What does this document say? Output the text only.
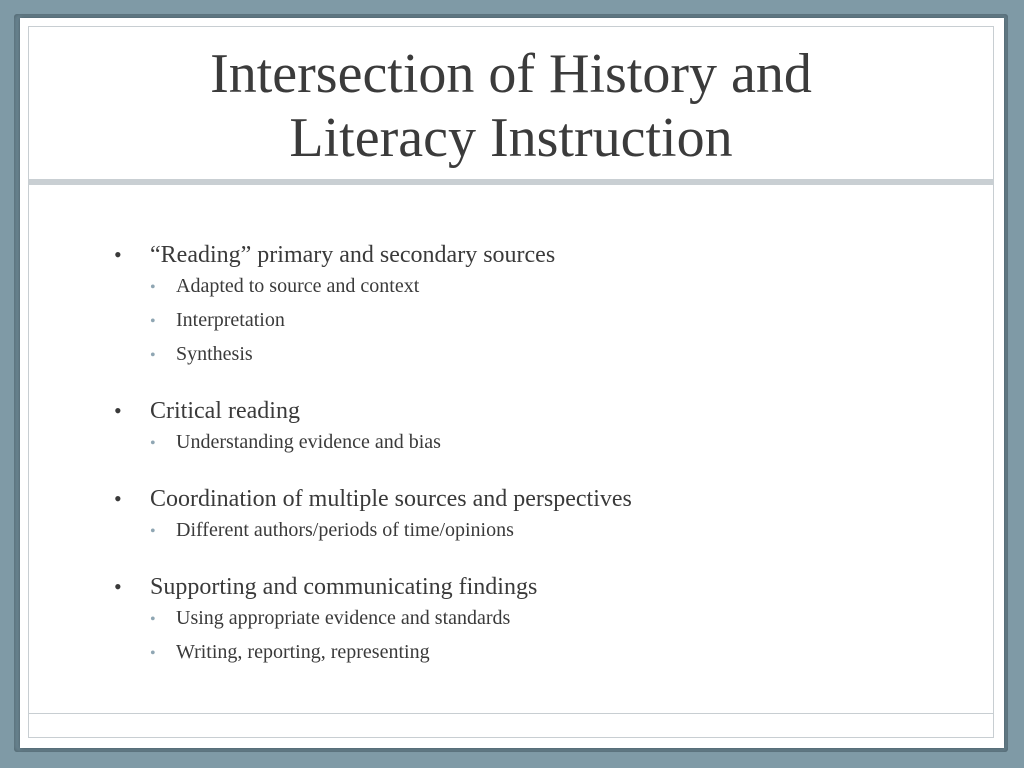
Intersection of History and Literacy Instruction
•	“Reading” primary and secondary sources
•	Adapted to source and context
•	Interpretation
•	Synthesis
•	Critical reading
•	Understanding evidence and bias
•	Coordination of multiple sources and perspectives
•	Different authors/periods of time/opinions
•	Supporting and communicating findings
•	Using appropriate evidence and standards
•	Writing, reporting, representing
